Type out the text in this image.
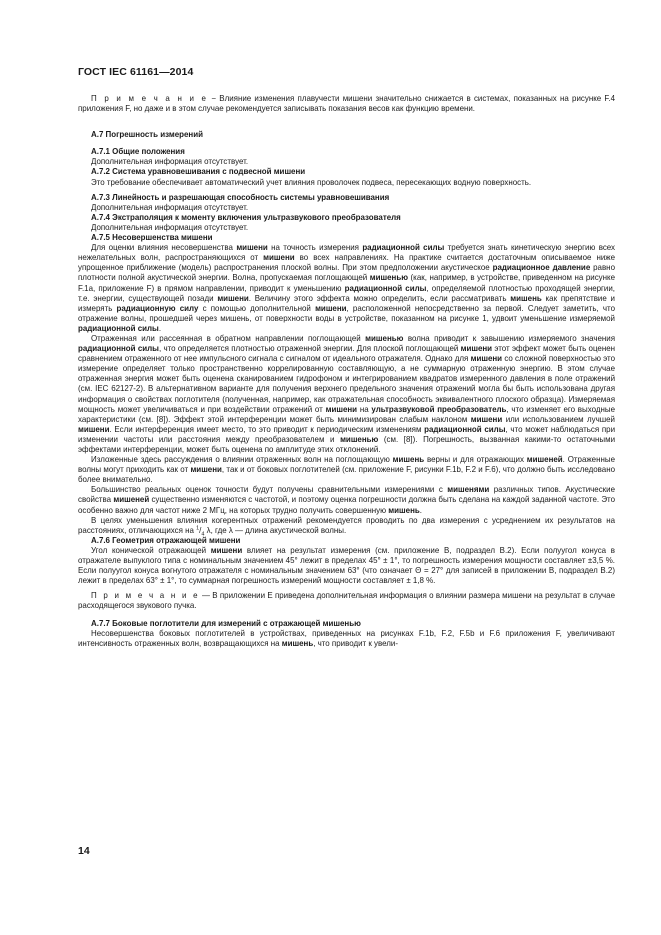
ГОСТ IEC 61161—2014

П р и м е ч а н и е − Влияние изменения плавучести мишени значительно снижается в системах, показанных на рисунке F.4 приложения F, но даже и в этом случае рекомендуется записывать показания весов как функцию времени.

А.7 Погрешность измерений

А.7.1 Общие положения

Дополнительная информация отсутствует.

А.7.2 Система уравновешивания с подвесной мишени

Это требование обеспечивает автоматический учет влияния проволочек подвеса, пересекающих водную поверхность.

А.7.3 Линейность и разрешающая способность системы уравновешивания

Дополнительная информация отсутствует.

А.7.4 Экстраполяция к моменту включения ультразвукового преобразователя

Дополнительная информация отсутствует.

А.7.5 Несовершенства мишени

Для оценки влияния несовершенства мишени на точность измерения радиационной силы требуется знать кинетическую энергию всех нежелательных волн, распространяющихся от мишени во всех направлениях. На практике считается достаточным описываемое ниже упрощенное приближение (модель) распространения плоской волны. При этом предположении акустическое радиационное давление равно плотности полной акустической энергии. Волна, пропускаемая поглощающей мишенью (как, например, в устройстве, приведенном на рисунке F.1a, приложение F) в прямом направлении, приводит к уменьшению радиационной силы, определяемой плотностью проходящей энергии, т.е. энергии, существующей позади мишени. Величину этого эффекта можно определить, если рассматривать мишень как препятствие и измерять радиационную силу с помощью дополнительной мишени, расположенной непосредственно за первой. Следует заметить, что отражение волны, прошедшей через мишень, от поверхности воды в устройстве, показанном на рисунке 1, удвоит уменьшение измеряемой радиационной силы.

Отраженная или рассеянная в обратном направлении поглощающей мишенью волна приводит к завышению измеряемого значения радиационной силы, что определяется плотностью отраженной энергии. Для плоской поглощающей мишени этот эффект может быть оценен сравнением отраженного от нее импульсного сигнала с сигналом от идеального отражателя. Однако для мишени со сложной поверхностью это измерение определяет только пространственно коррелированную составляющую, а не суммарную отраженную энергию. В этом случае отраженная энергия может быть оценена сканированием гидрофоном и интегрированием квадратов измеренного давления в поле отражений (см. IEC 62127-2). В альтернативном варианте для получения верхнего предельного значения отражений могла бы быть использована другая информация о свойствах поглотителя (полученная, например, как отражательная способность эквивалентного плоского образца). Измеряемая мощность может увеличиваться и при воздействии отражений от мишени на ультразвуковой преобразователь, что изменяет его выходные характеристики (см. [8]). Эффект этой интерференции может быть минимизирован слабым наклоном мишени или использованием лучшей мишени. Если интерференция имеет место, то это приводит к периодическим изменениям радиационной силы, что может наблюдаться при изменении частоты или расстояния между преобразователем и мишенью (см. [8]). Погрешность, вызванная какими-то остаточными эффектами интерференции, может быть оценена по амплитуде этих отклонений.

Изложенные здесь рассуждения о влиянии отраженных волн на поглощающую мишень верны и для отражающих мишеней. Отраженные волны могут приходить как от мишени, так и от боковых поглотителей (см. приложение F, рисунки F.1b, F.2 и F.6), что должно быть исследовано более внимательно.

Большинство реальных оценок точности будут получены сравнительными измерениями с мишенями различных типов. Акустические свойства мишеней существенно изменяются с частотой, и поэтому оценка погрешности должна быть сделана на каждой заданной частоте. Это особенно важно для частот ниже 2 МГц, на которых трудно получить совершенную мишень.

В целях уменьшения влияния когерентных отражений рекомендуется проводить по два измерения с усреднением их результатов на расстояниях, отличающихся на $^1/_4$ λ, где λ — длина акустической волны.

А.7.6 Геометрия отражающей мишени

Угол конической отражающей мишени влияет на результат измерения (см. приложение В, подраздел В.2). Если полуугол конуса в отражателе выпуклого типа с номинальным значением 45° лежит в пределах 45° ± 1°, то погрешность измерения мощности составляет ±3,5 %. Если полуугол конуса вогнутого отражателя с номинальным значением 63° (что означает Θ = 27° для записей в приложении В, подраздел В.2) лежит в пределах 63° ± 1°, то суммарная погрешность измерений мощности составляет ± 1,8 %.

П р и м е ч а н и е — В приложении Е приведена дополнительная информация о влиянии размера мишени на результат в случае расходящегося звукового пучка.

А.7.7 Боковые поглотители для измерений с отражающей мишенью

Несовершенства боковых поглотителей в устройствах, приведенных на рисунках F.1b, F.2, F.5b и F.6 приложения F, увеличивают интенсивность отраженных волн, возвращающихся на мишень, что приводит к увели-

14
